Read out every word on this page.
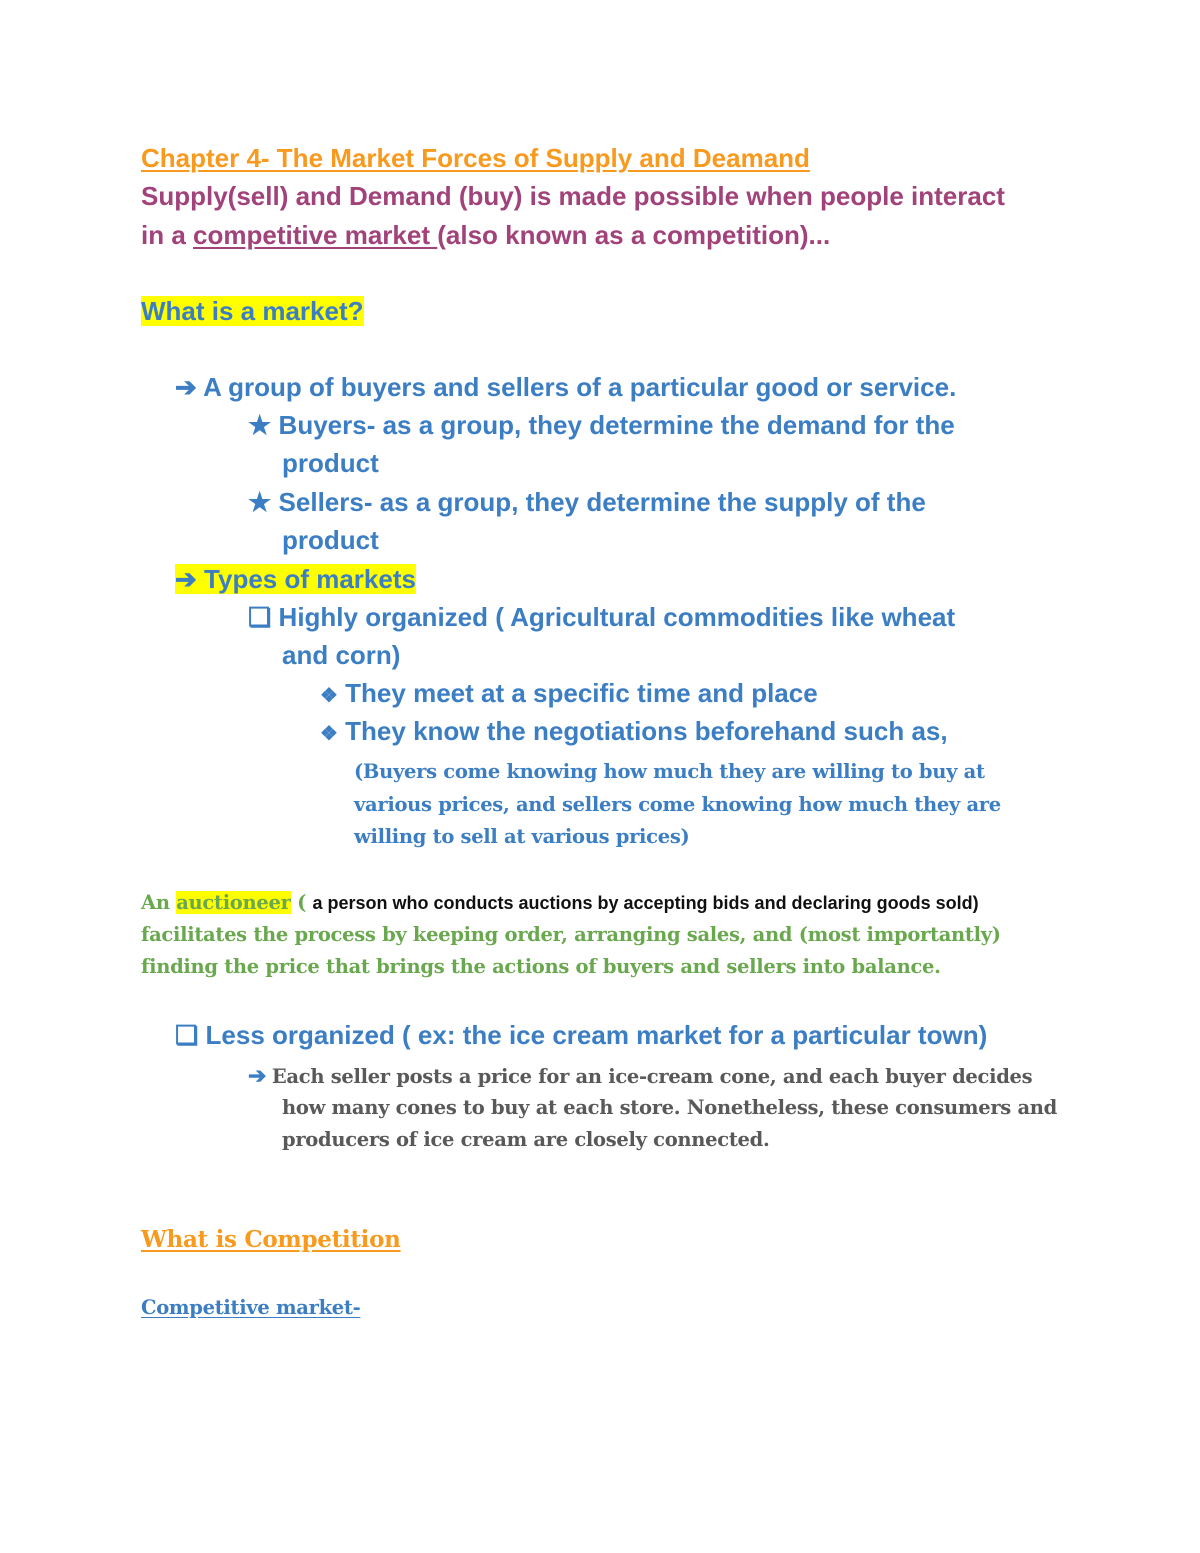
Chapter 4- The Market Forces of Supply and Deamand
Supply(sell) and Demand (buy) is made possible when people interact
in a competitive market (also known as a competition)...
What is a market?
➔ A group of buyers and sellers of a particular good or service.
★ Buyers- as a group, they determine the demand for the
product
★ Sellers- as a group, they determine the supply of the
product
➔ Types of markets
❏ Highly organized ( Agricultural commodities like wheat
and corn)
❖ They meet at a specific time and place
❖ They know the negotiations beforehand such as,
(Buyers come knowing how much they are willing to buy at
various prices, and sellers come knowing how much they are
willing to sell at various prices)
An auctioneer ( a person who conducts auctions by accepting bids and declaring goods sold)
facilitates the process by keeping order, arranging sales, and (most importantly)
finding the price that brings the actions of buyers and sellers into balance.
❏ Less organized ( ex: the ice cream market for a particular town)
➔ Each seller posts a price for an ice-cream cone, and each buyer decides
how many cones to buy at each store. Nonetheless, these consumers and
producers of ice cream are closely connected.
What is Competition
Competitive market-
